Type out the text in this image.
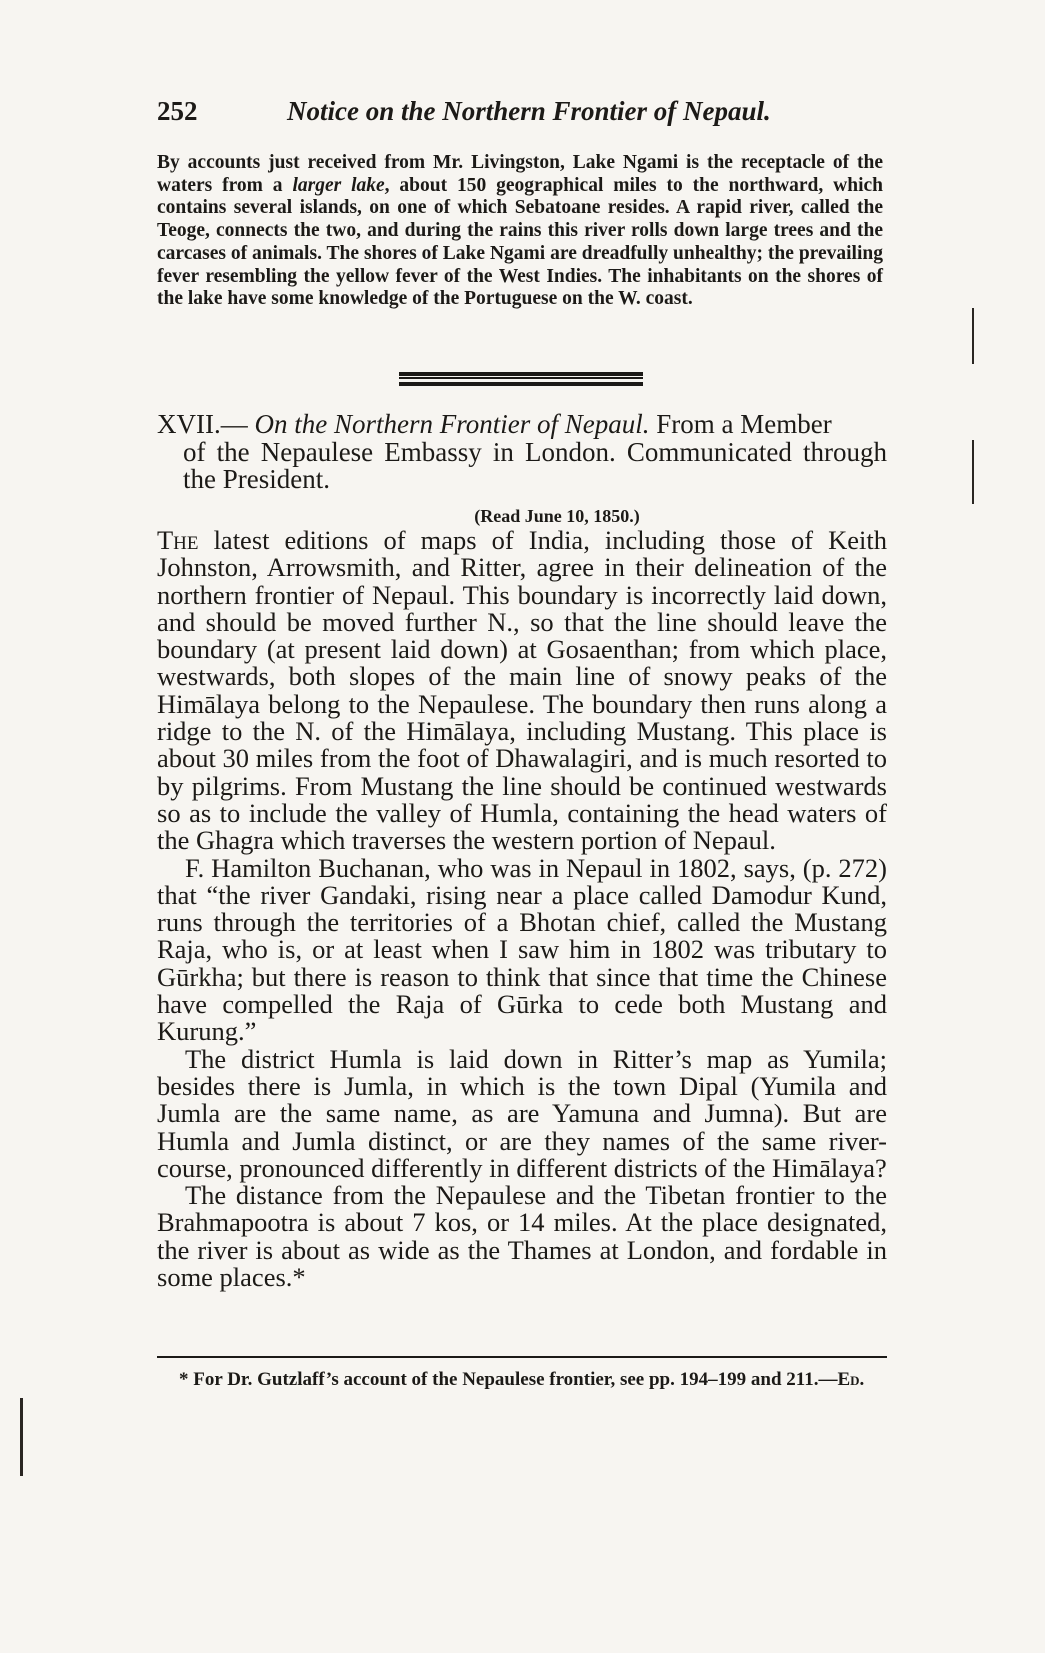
252	Notice on the Northern Frontier of Nepaul.
By accounts just received from Mr. Livingston, Lake Ngami is the receptacle of the waters from a larger lake, about 150 geographical miles to the northward, which contains several islands, on one of which Sebatoane resides. A rapid river, called the Teoge, connects the two, and during the rains this river rolls down large trees and the carcases of animals. The shores of Lake Ngami are dreadfully unhealthy; the prevailing fever resembling the yellow fever of the West Indies. The inhabitants on the shores of the lake have some knowledge of the Portuguese on the W. coast.
XVII.— On the Northern Frontier of Nepaul. From a Member
of the Nepaulese Embassy in London. Communicated through the President.
(Read June 10, 1850.)

The latest editions of maps of India, including those of Keith Johnston, Arrowsmith, and Ritter, agree in their delineation of the northern frontier of Nepaul. This boundary is incorrectly laid down, and should be moved further N., so that the line should leave the boundary (at present laid down) at Gosaenthan; from which place, westwards, both slopes of the main line of snowy peaks of the Himālaya belong to the Nepaulese. The boundary then runs along a ridge to the N. of the Himālaya, including Mustang. This place is about 30 miles from the foot of Dhawalagiri, and is much resorted to by pilgrims. From Mustang the line should be continued westwards so as to include the valley of Humla, containing the head waters of the Ghagra which traverses the western portion of Nepaul.

F. Hamilton Buchanan, who was in Nepaul in 1802, says, (p. 272) that “the river Gandaki, rising near a place called Damodur Kund, runs through the territories of a Bhotan chief, called the Mustang Raja, who is, or at least when I saw him in 1802 was tributary to Gūrkha; but there is reason to think that since that time the Chinese have compelled the Raja of Gūrka to cede both Mustang and Kurung.”

The district Humla is laid down in Ritter’s map as Yumila; besides there is Jumla, in which is the town Dipal (Yumila and Jumla are the same name, as are Yamuna and Jumna). But are Humla and Jumla distinct, or are they names of the same river-course, pronounced differently in different districts of the Himālaya?

The distance from the Nepaulese and the Tibetan frontier to the Brahmapootra is about 7 kos, or 14 miles. At the place designated, the river is about as wide as the Thames at London, and fordable in some places.*

* For Dr. Gutzlaff’s account of the Nepaulese frontier, see pp. 194–199 and 211.—Ed.
